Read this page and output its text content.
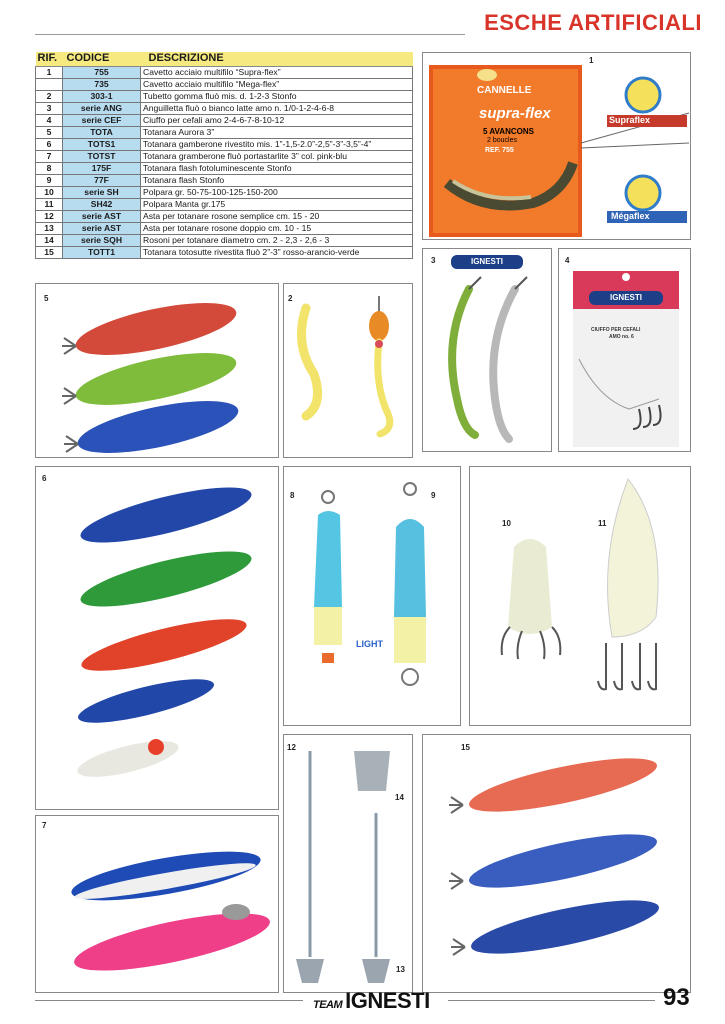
ESCHE ARTIFICIALI
RIF.	CODICE	DESCRIZIONE
1	755	Cavetto acciaio multifilo “Supra-flex”
	735	Cavetto acciaio multifilo “Mega-flex”
2	303-1	Tubetto gomma fluò mis. d. 1-2-3 Stonfo
3	serie ANG	Anguilletta fluò o bianco latte amo n. 1/0-1-2-4-6-8
4	serie CEF	Ciuffo per cefali amo 2-4-6-7-8-10-12
5	TOTA	Totanara Aurora 3”
6	TOTS1	Totanara gamberone rivestito mis. 1”-1,5-2.0”-2,5”-3”-3,5”-4”
7	TOTST	Totanara gramberone fluò portastarlite 3” col. pink-blu
8	175F	Totanara flash fotoluminescente Stonfo
9	77F	Totanara flash Stonfo
10	serie SH	Polpara gr. 50-75-100-125-150-200
11	SH42	Polpara Manta gr.175
12	serie AST	Asta per totanare rosone semplice cm. 15 - 20
13	serie AST	Asta per totanare rosone doppio cm. 10 - 15
14	serie SQH	Rosoni per totanare diametro cm. 2 - 2,3 - 2,6 - 3
15	TOTT1	Totanara totosutte rivestita fluò 2”-3” rosso-arancio-verde
1
CANNELLE
supra-flex
5 AVANCONS
2 boucles
REF. 755
Supraflex
Mégaflex
3	IGNESTI	4
IGNESTI
CIUFFO PER CEFALI
AMO no. 6
5	2
6
8	9
LIGHT
10	11
7
12
14
13
15
TEAM IGNESTI	93
